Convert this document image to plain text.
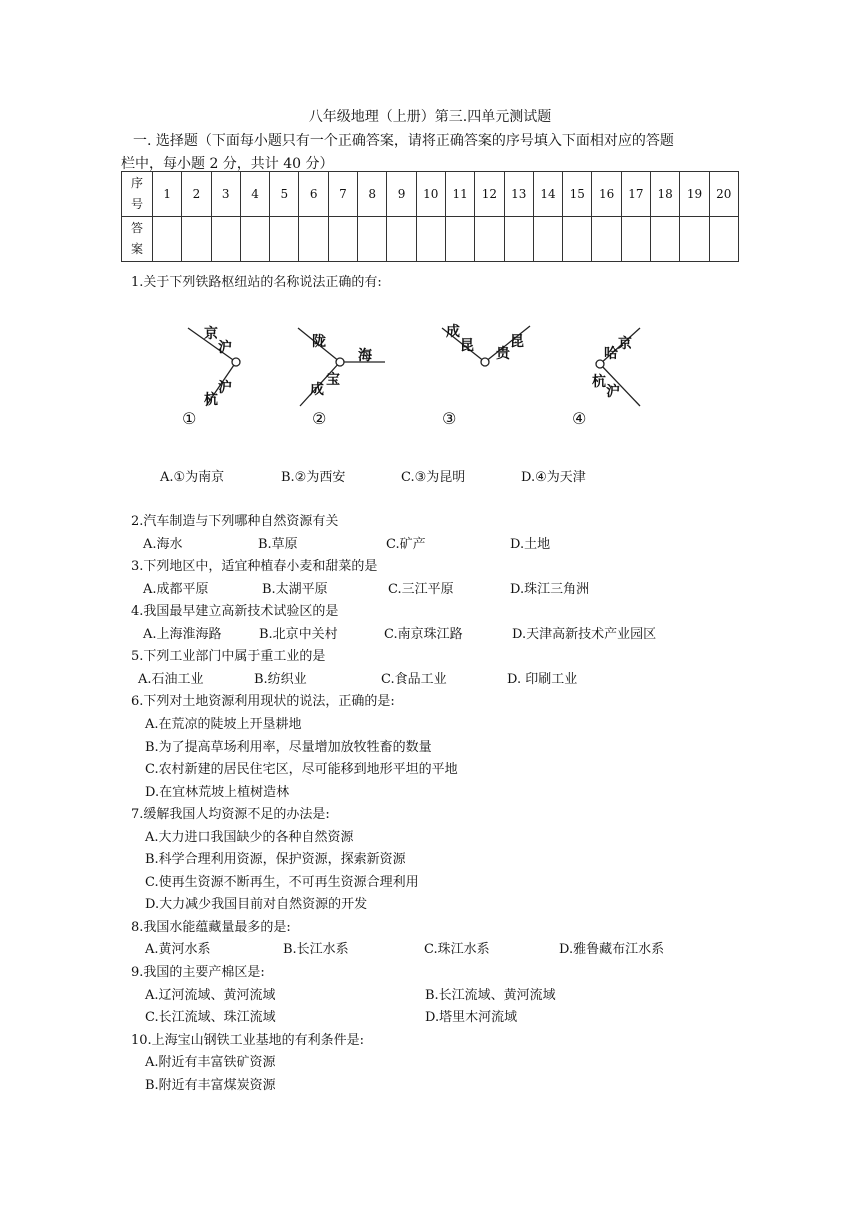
八年级地理（上册）第三.四单元测试题
一. 选择题（下面每小题只有一个正确答案，请将正确答案的序号填入下面相对应的答题
栏中，每小题 2 分，共计 40 分）
序
号	1	2	3	4	5	6	7	8	9	10	11	12	13	14	15	16	17	18	19	20
答
案																				
1.关于下列铁路枢纽站的名称说法正确的有:
京
沪
沪
杭
陇
海
宝
成
成
昆	昆
贵	哈
京
杭
沪
①	②	③	④
A.①为南京	B.②为西安	C.③为昆明	D.④为天津
2.汽车制造与下列哪种自然资源有关
A.海水	B.草原	C.矿产	D.土地
3.下列地区中，适宜种植春小麦和甜菜的是
A.成都平原	B.太湖平原	C.三江平原	D.珠江三角洲
4.我国最早建立高新技术试验区的是
A.上海淮海路	B.北京中关村	C.南京珠江路	D.天津高新技术产业园区
5.下列工业部门中属于重工业的是
A.石油工业	B.纺织业	C.食品工业	D. 印刷工业
6.下列对土地资源利用现状的说法，正确的是:
A.在荒凉的陡坡上开垦耕地
B.为了提高草场利用率，尽量增加放牧牲畜的数量
C.农村新建的居民住宅区，尽可能移到地形平坦的平地
D.在宜林荒坡上植树造林
7.缓解我国人均资源不足的办法是:
A.大力进口我国缺少的各种自然资源
B.科学合理利用资源，保护资源，探索新资源
C.使再生资源不断再生，不可再生资源合理利用
D.大力减少我国目前对自然资源的开发
8.我国水能蕴藏量最多的是:
A.黄河水系	B.长江水系	C.珠江水系	D.雅鲁藏布江水系
9.我国的主要产棉区是:
A.辽河流域、黄河流域	B.长江流域、黄河流域
C.长江流域、珠江流域	D.塔里木河流域
10.上海宝山钢铁工业基地的有利条件是:
A.附近有丰富铁矿资源
B.附近有丰富煤炭资源
